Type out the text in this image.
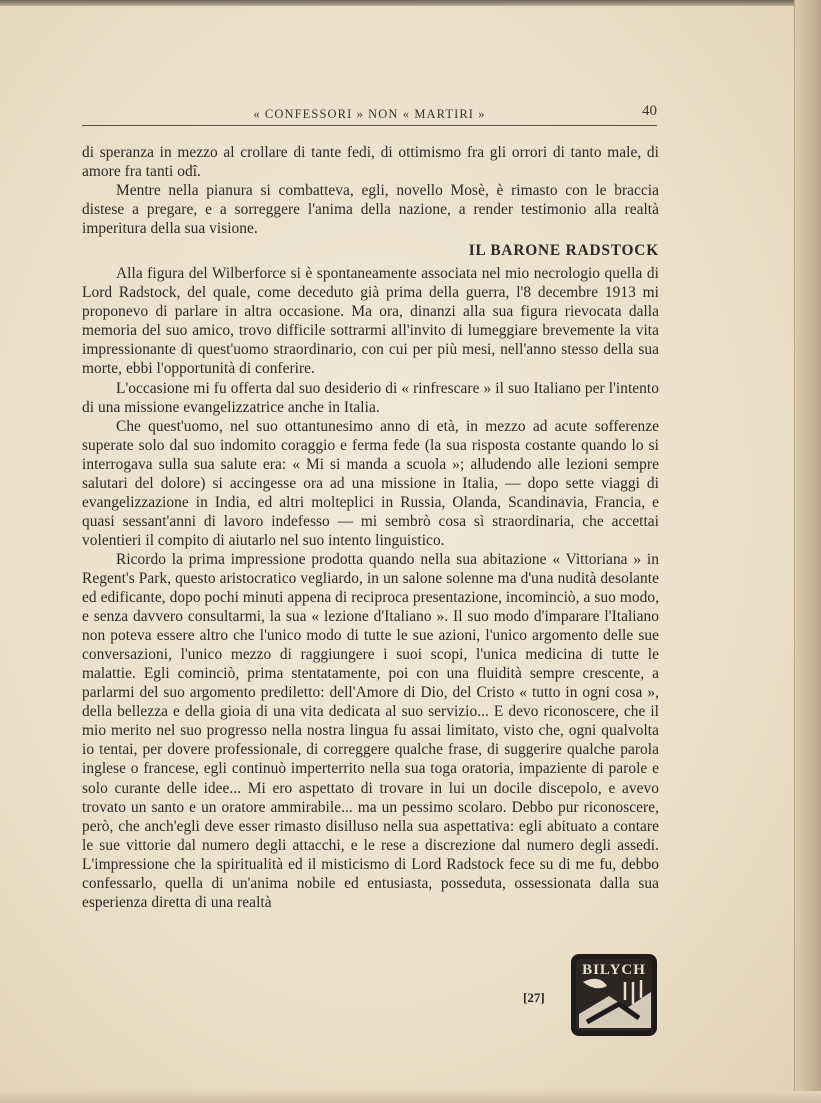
« CONFESSORI » NON « MARTIRI »	40

di speranza in mezzo al crollare di tante fedi, di ottimismo fra gli orrori di tanto male, di amore fra tanti odî.

Mentre nella pianura si combatteva, egli, novello Mosè, è rimasto con le braccia distese a pregare, e a sorreggere l'anima della nazione, a render testimonio alla realtà imperitura della sua visione.

IL BARONE RADSTOCK

Alla figura del Wilberforce si è spontaneamente associata nel mio necrologio quella di Lord Radstock, del quale, come deceduto già prima della guerra, l'8 decembre 1913 mi proponevo di parlare in altra occasione. Ma ora, dinanzi alla sua figura rievocata dalla memoria del suo amico, trovo difficile sottrarmi all'invito di lumeggiare brevemente la vita impressionante di quest'uomo straordinario, con cui per più mesi, nell'anno stesso della sua morte, ebbi l'opportunità di conferire.

L'occasione mi fu offerta dal suo desiderio di « rinfrescare » il suo Italiano per l'intento di una missione evangelizzatrice anche in Italia.

Che quest'uomo, nel suo ottantunesimo anno di età, in mezzo ad acute sofferenze superate solo dal suo indomito coraggio e ferma fede (la sua risposta costante quando lo si interrogava sulla sua salute era: « Mi si manda a scuola »; alludendo alle lezioni sempre salutari del dolore) si accingesse ora ad una missione in Italia, — dopo sette viaggi di evangelizzazione in India, ed altri molteplici in Russia, Olanda, Scandinavia, Francia, e quasi sessant'anni di lavoro indefesso — mi sembrò cosa sì straordinaria, che accettai volentieri il compito di aiutarlo nel suo intento linguistico.

Ricordo la prima impressione prodotta quando nella sua abitazione « Vittoriana » in Regent's Park, questo aristocratico vegliardo, in un salone solenne ma d'una nudità desolante ed edificante, dopo pochi minuti appena di reciproca presentazione, incominciò, a suo modo, e senza davvero consultarmi, la sua « lezione d'Italiano ». Il suo modo d'imparare l'Italiano non poteva essere altro che l'unico modo di tutte le sue azioni, l'unico argomento delle sue conversazioni, l'unico mezzo di raggiungere i suoi scopi, l'unica medicina di tutte le malattie. Egli cominciò, prima stentatamente, poi con una fluidità sempre crescente, a parlarmi del suo argomento prediletto: dell'Amore di Dio, del Cristo « tutto in ogni cosa », della bellezza e della gioia di una vita dedicata al suo servizio... E devo riconoscere, che il mio merito nel suo progresso nella nostra lingua fu assai limitato, visto che, ogni qualvolta io tentai, per dovere professionale, di correggere qualche frase, di suggerire qualche parola inglese o francese, egli continuò imperterrito nella sua toga oratoria, impaziente di parole e solo curante delle idee... Mi ero aspettato di trovare in lui un docile discepolo, e avevo trovato un santo e un oratore ammirabile... ma un pessimo scolaro. Debbo pur riconoscere, però, che anch'egli deve esser rimasto disilluso nella sua aspettativa: egli abituato a contare le sue vittorie dal numero degli attacchi, e le rese a discrezione dal numero degli assedi. L'impressione che la spiritualità ed il misticismo di Lord Radstock fece su di me fu, debbo confessarlo, quella di un'anima nobile ed entusiasta, posseduta, ossessionata dalla sua esperienza diretta di una realtà

[27]
BILYCH
